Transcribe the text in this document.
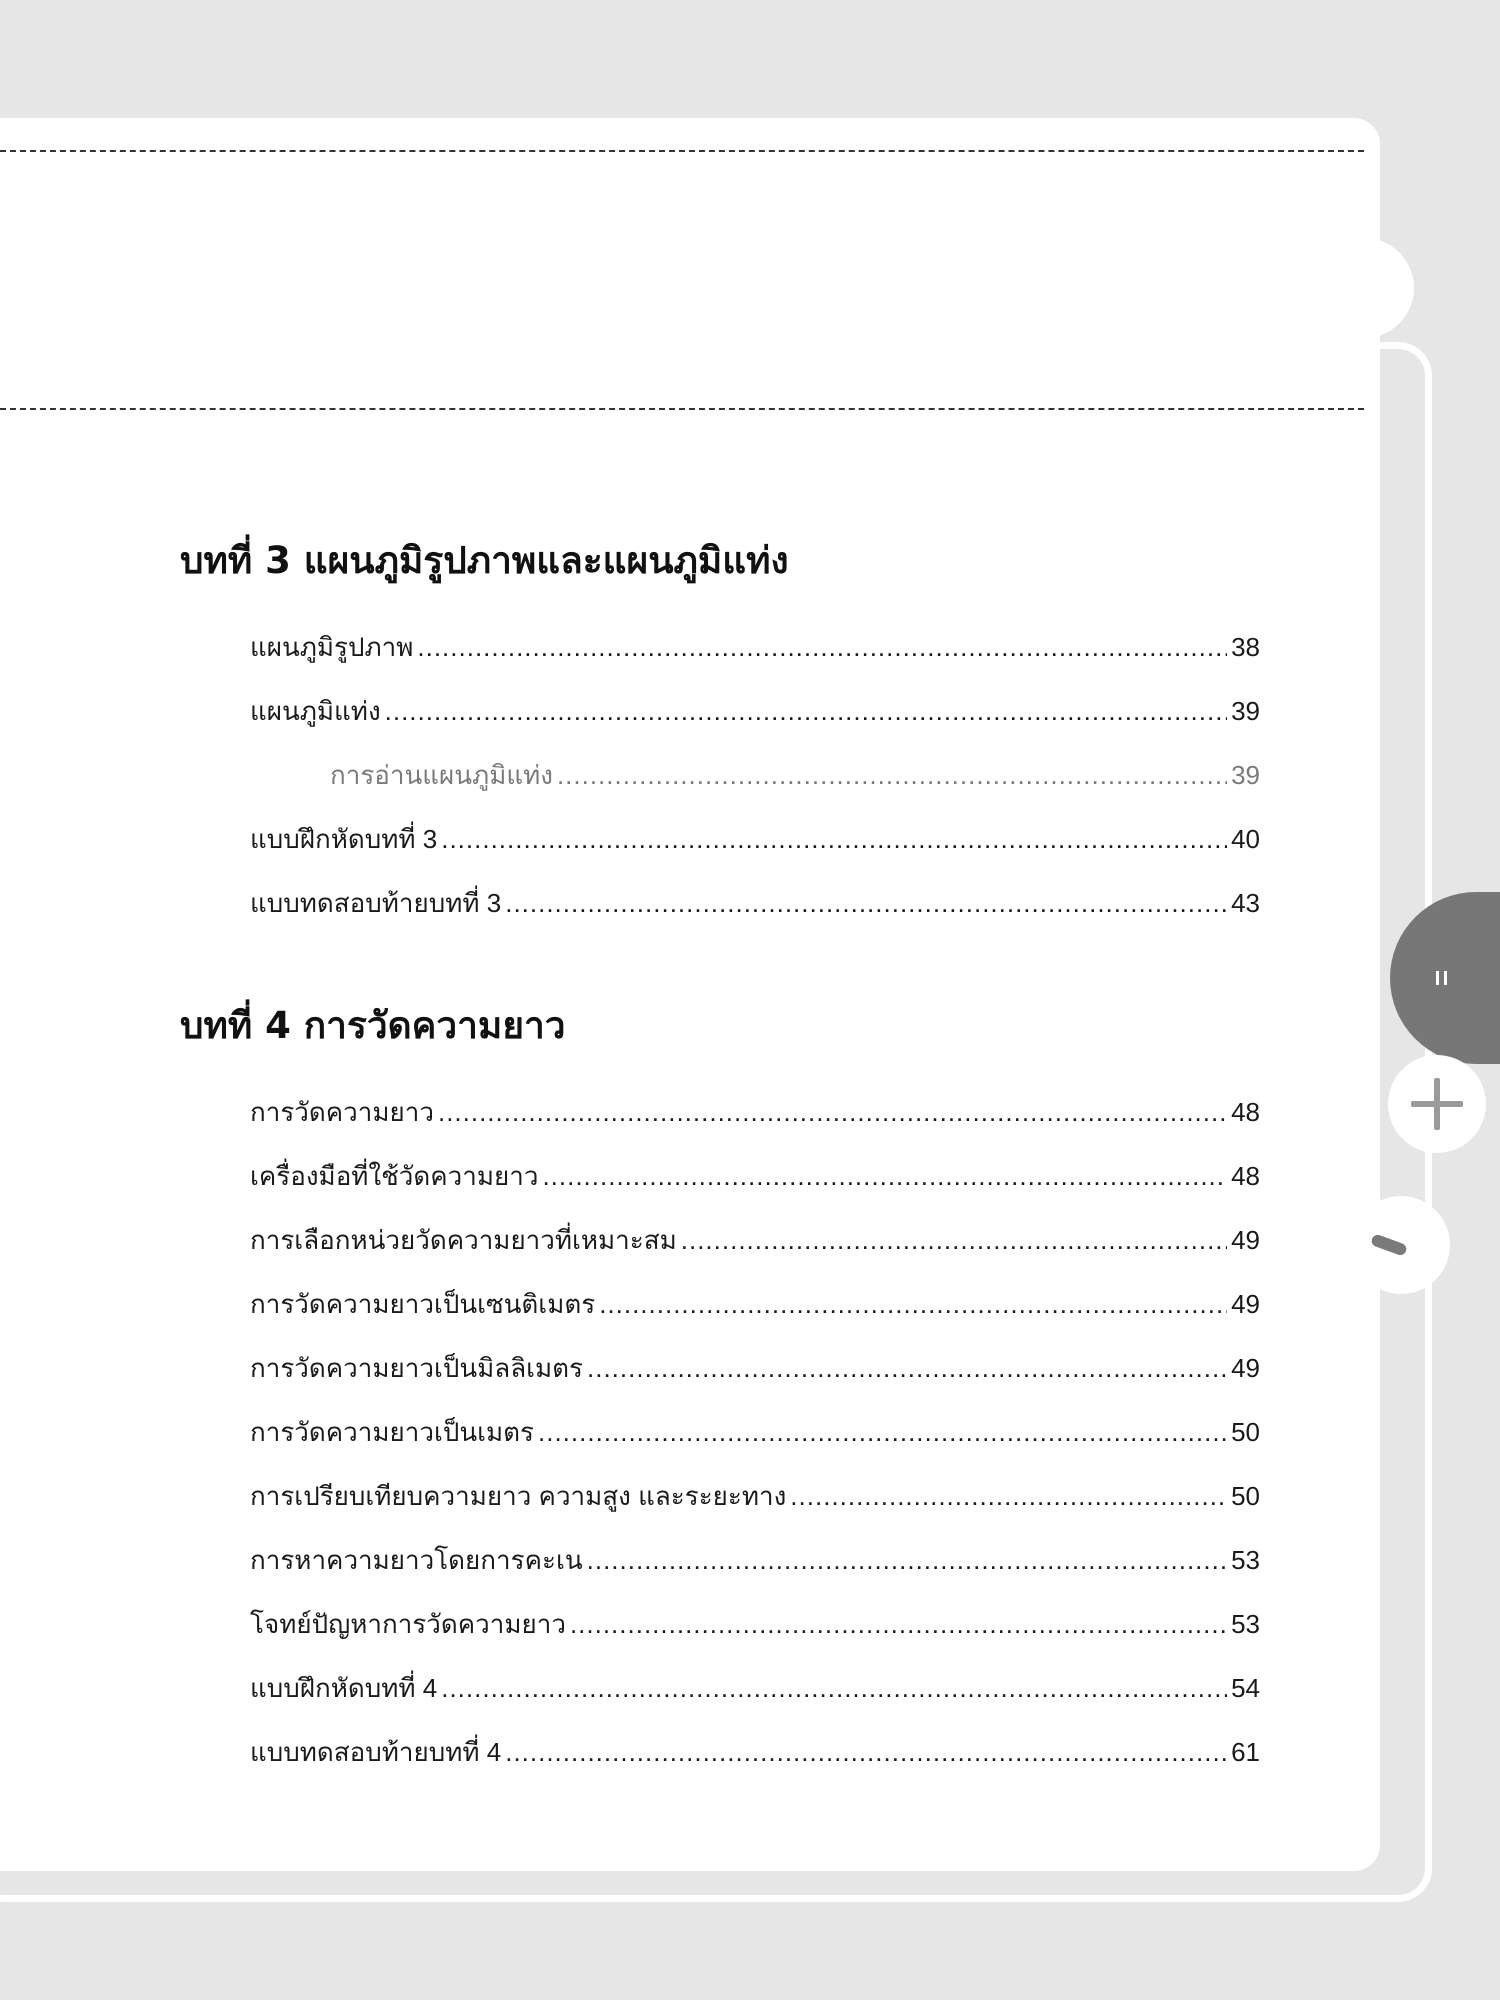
บทที่ 3 แผนภูมิรูปภาพและแผนภูมิแท่ง
แผนภูมิรูปภาพ .....	38
แผนภูมิแท่ง .....	39
การอ่านแผนภูมิแท่ง .....	39
แบบฝึกหัดบทที่ 3 .....	40
แบบทดสอบท้ายบทที่ 3 .....	43
บทที่ 4 การวัดความยาว
การวัดความยาว .....	48
เครื่องมือที่ใช้วัดความยาว .....	48
การเลือกหน่วยวัดความยาวที่เหมาะสม .....	49
การวัดความยาวเป็นเซนติเมตร .....	49
การวัดความยาวเป็นมิลลิเมตร .....	49
การวัดความยาวเป็นเมตร .....	50
การเปรียบเทียบความยาว ความสูง และระยะทาง .....	50
การหาความยาวโดยการคะเน .....	53
โจทย์ปัญหาการวัดความยาว .....	53
แบบฝึกหัดบทที่ 4 .....	54
แบบทดสอบท้ายบทที่ 4 .....	61
